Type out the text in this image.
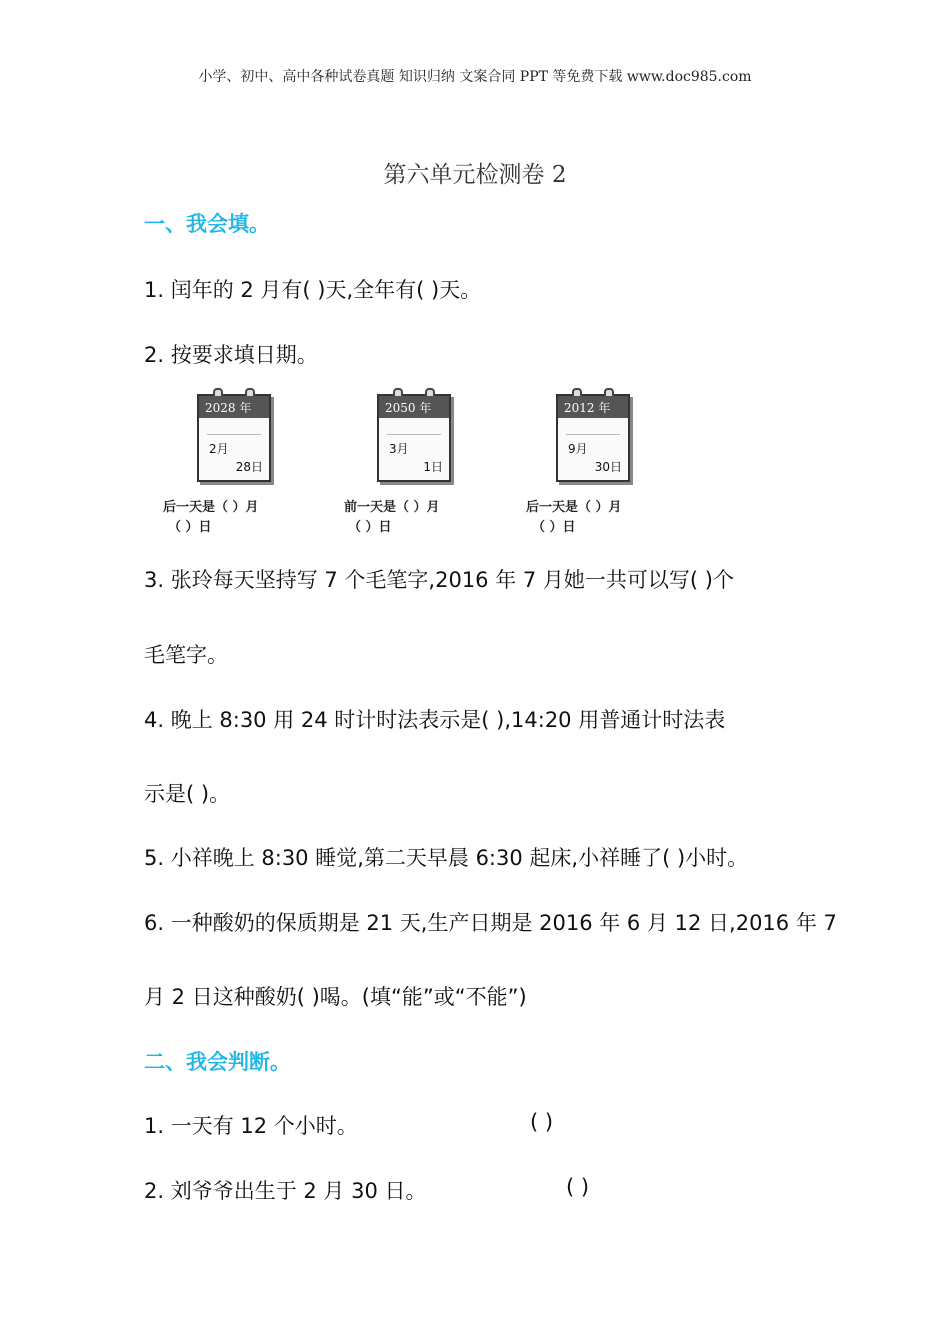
小学、初中、高中各种试卷真题 知识归纳 文案合同 PPT 等免费下载 www.doc985.com
第六单元检测卷 2
一、我会填。
1. 闰年的 2 月有( )天,全年有( )天。
2. 按要求填日期。
2028 年
2月
28日
2050 年
3月
1日
2012 年
9月
30日
后一天是（ ）月
（ ）日
前一天是（ ）月
（ ）日
后一天是（ ）月
（ ）日
3. 张玲每天坚持写 7 个毛笔字,2016 年 7 月她一共可以写( )个
毛笔字。
4. 晚上 8:30 用 24 时计时法表示是( ),14:20 用普通计时法表
示是( )。
5. 小祥晚上 8:30 睡觉,第二天早晨 6:30 起床,小祥睡了( )小时。
6. 一种酸奶的保质期是 21 天,生产日期是 2016 年 6 月 12 日,2016 年 7
月 2 日这种酸奶( )喝。(填“能”或“不能”)
二、我会判断。
1. 一天有 12 个小时。	( )
2. 刘爷爷出生于 2 月 30 日。	( )
